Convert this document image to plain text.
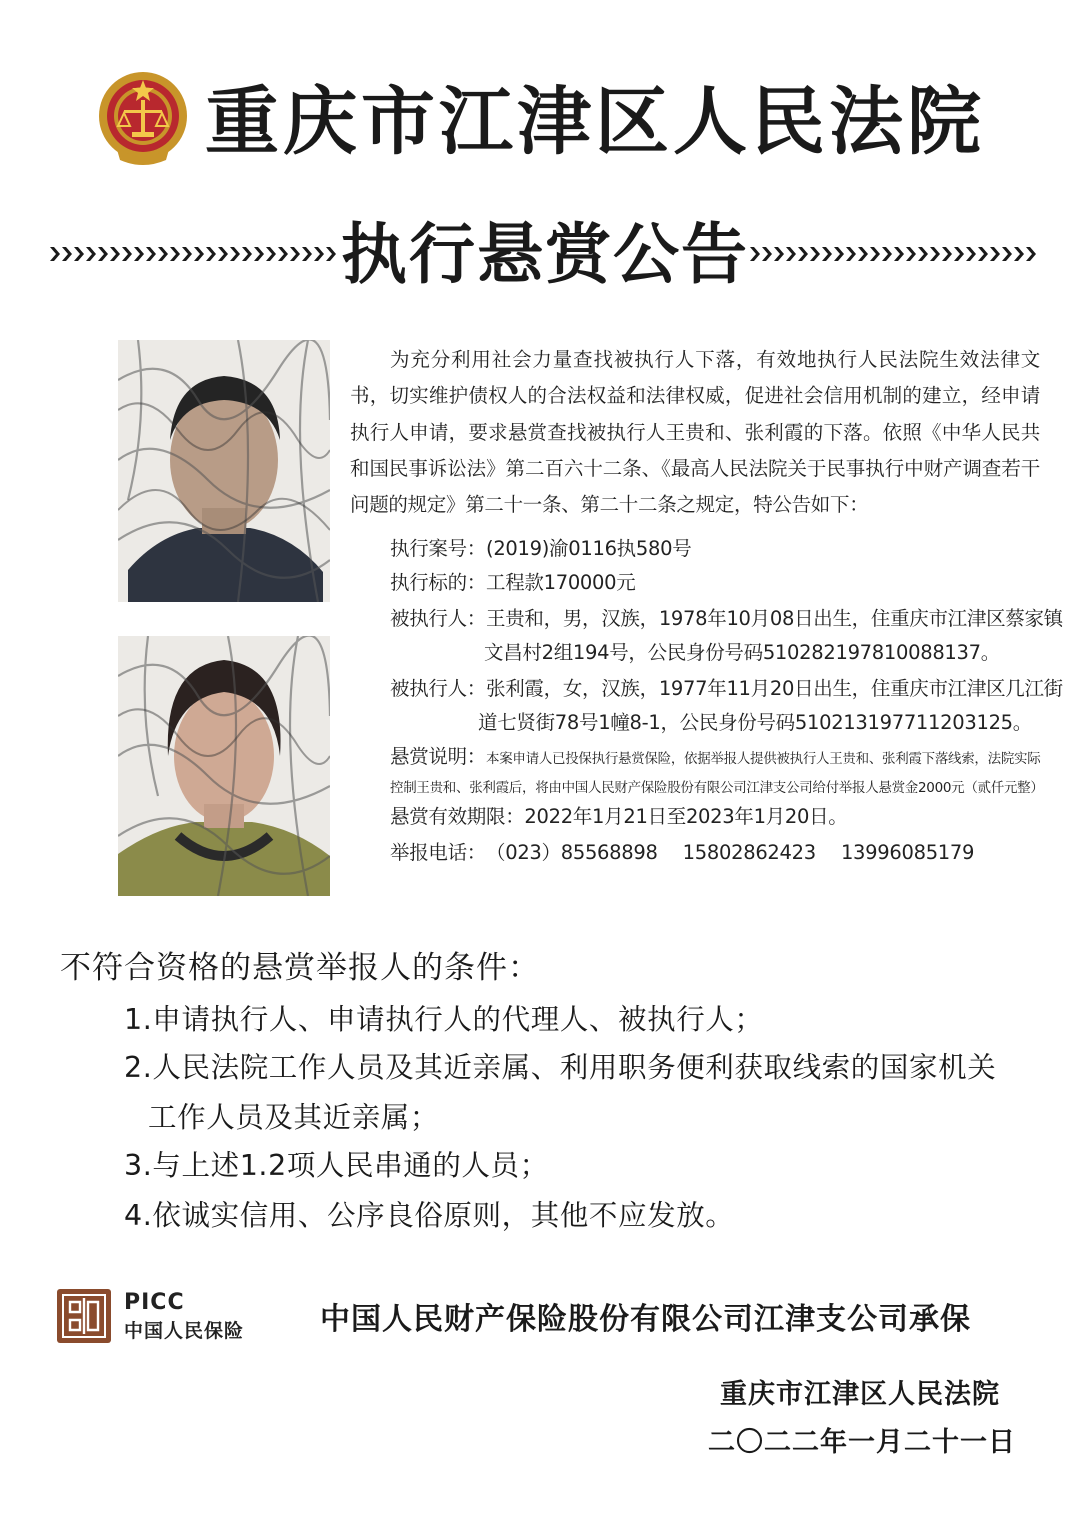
重庆市江津区人民法院
执行悬赏公告
为充分利用社会力量查找被执行人下落，有效地执行人民法院生效法律文书，切实维护债权人的合法权益和法律权威，促进社会信用机制的建立，经申请执行人申请，要求悬赏查找被执行人王贵和、张利霞的下落。依照《中华人民共和国民事诉讼法》第二百六十二条、《最高人民法院关于民事执行中财产调查若干问题的规定》第二十一条、第二十二条之规定，特公告如下：
执行案号：(2019)渝0116执580号
执行标的：工程款170000元
被执行人：王贵和，男，汉族，1978年10月08日出生，住重庆市江津区蔡家镇
文昌村2组194号，公民身份号码510282197810088137。
被执行人：张利霞，女，汉族，1977年11月20日出生，住重庆市江津区几江街
道七贤街78号1幢8-1，公民身份号码510213197711203125。
悬赏说明：本案申请人已投保执行悬赏保险，依据举报人提供被执行人王贵和、张利霞下落线索，法院实际
控制王贵和、张利霞后，将由中国人民财产保险股份有限公司江津支公司给付举报人悬赏金2000元（贰仟元整）
悬赏有效期限：2022年1月21日至2023年1月20日。
举报电话：（023）85568898　 15802862423　 13996085179
不符合资格的悬赏举报人的条件：
1.申请执行人、申请执行人的代理人、被执行人；
2.人民法院工作人员及其近亲属、利用职务便利获取线索的国家机关
工作人员及其近亲属；
3.与上述1.2项人民串通的人员；
4.依诚实信用、公序良俗原则，其他不应发放。
PICC
中国人民保险	中国人民财产保险股份有限公司江津支公司承保
重庆市江津区人民法院
二〇二二年一月二十一日
